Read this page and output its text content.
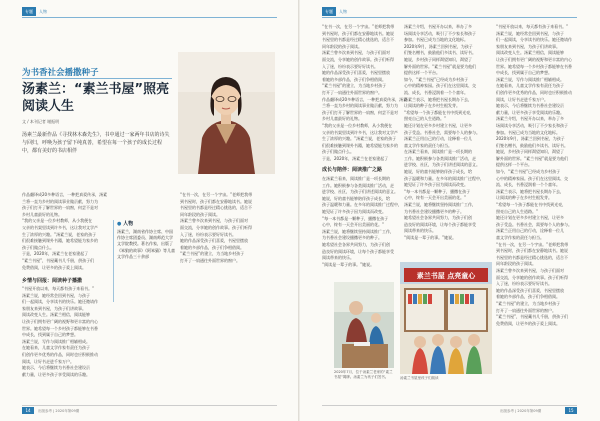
专题	人物
为书香社会播撒种子
汤素兰：“素兰书屋”照亮
阅读人生
文 / 本刊记者 谢振明
汤素兰最新作品《寻找林木森先生》，书中通过一家两年书店的诗失与回归，呼唤为孩子留下纯真善，希望在每一个孩子的成长过程中，都有美好的书店相伴
作品翻译成20多种语言，一种把真爱传承，汤素
兰将一直为乡村的阅读事业做贡献，努力为
孩子们打开了解世界的一扇窗，何尝不是对
乡村儿童最好的礼物。
“我的父亲是一位乡村教师，从小我便在
父亲的书架里读到许多书，这让我对文学产
生了浓厚的兴趣。”汤素兰说，老家的孩子
们很难接触到课外书籍，她希望能为家乡的
孩子们做点什么。
于是，2020年，汤素兰在老家建起了
“素兰书屋”，书屋藏书几千册，供孩子们
免费借阅，让更多的孩子爱上阅读。
乡情与回报：阅读种子播撒
“书屋开放以来，每天都有孩子来看书。”
汤素兰说，她经常会回到书屋，与孩子
们一起阅读，分享读书的快乐。她还邀请作
家朋友来到书屋，为孩子们讲故事。
阅读改变人生。汤素兰相信，阅读能够
让孩子们拥有更广阔的视野和更丰富的内心
世界。她希望每一个乡村孩子都能够在书香
中成长，找到属于自己的梦想。
汤素兰说，写作与阅读推广相辅相成。
在她看来，儿童文学作家有责任为孩子
们创作更多优秀的作品，同时也应积极推动
阅读，让好书走进千家万户。
她表示，今后将继续为书香社会建设贡
献力量，让更多孩子享受阅读的乐趣。
● 人物
汤素兰，湖南省作协主席、中国作协主席团委员、湖南师范大学文学院教授。著名作家，出版了《笨狼的故事》《阿笨猫》等儿童文学作品三十余部
“在书一次，在另一个宇宙。”老师把我带
到书屋时，孩子们都在安静地读书。她说
书屋里的书都是经过精心挑选的，适合不
同年龄段的孩子阅读。
汤素兰曾多次来到书屋，与孩子们面对
面交流，分享她的创作故事。孩子们听得
入了迷，纷纷表示要好好读书。
她的作品深受孩子们喜爱，书屋里摆放
着她的多部作品，孩子们争相借阅。
“素兰书屋”的建立，为当地乡村孩子
打开了一扇通往外面世界的窗户。
14	出版参考 | 2020年第09期
专题	人物
“在书一次，在另一个宇宙。”老师把我带
到书屋时，孩子们都在安静地读书。她说
书屋里的书都是经过精心挑选的，适合不
同年龄段的孩子阅读。
汤素兰曾多次来到书屋，与孩子们面对
面交流，分享她的创作故事。孩子们听得
入了迷，纷纷表示要好好读书。
她的作品深受孩子们喜爱，书屋里摆放
着她的多部作品，孩子们争相借阅。
“素兰书屋”的建立，为当地乡村孩子
打开了一扇通往外面世界的窗户。
作品翻译成20多种语言，一种把真爱传承，汤素
兰将一直为乡村的阅读事业做贡献，努力为
孩子们打开了解世界的一扇窗，何尝不是对
乡村儿童最好的礼物。
“我的父亲是一位乡村教师，从小我便在
父亲的书架里读到许多书，这让我对文学产
生了浓厚的兴趣。”汤素兰说，老家的孩子
们很难接触到课外书籍，她希望能为家乡的
孩子们做点什么。
于是，2020年，汤素兰在老家建起了
成长与陪伴：阅读推广之路
在汤素兰看来，阅读推广是一项长期的
工作。她积极参与各类阅读推广活动，走
进学校、社区，为孩子们讲述阅读的意义。
她说，好的童书能够陪伴孩子成长，给
孩子温暖和力量。在多年的阅读推广过程中，
她见证了许多孩子因为阅读而改变。
“每一本书都是一颗种子，播撒在孩子
心中，终有一天会开出美丽的花。”
汤素兰说，她将继续坚持阅读推广工作，
为书香社会建设播撒更多的种子。
她希望社会各界共同努力，为孩子们创
造良好的阅读环境，让每个孩子都能享受
阅读带来的快乐。
“阅读是一辈子的事。”她说。
2020年7月，位于汤素兰老家的“素兰书屋”揭牌。汤素兰为孩子们签书。
汤素兰介绍，书屋开办以来，举办了多
场阅读分享活动，吸引了不少家长和孩子
参加。书屋已成为当地的文化地标。
2020年9月，汤素兰回到书屋，为孩子
们签名赠书，鼓励他们多读书、读好书。
她说，乡村孩子同样渴望知识，渴望了
解外面的世界。“素兰书屋”就是要为他们
提供这样一个平台。
如今，“素兰书屋”已经成为乡村孩子
心中的精神家园。孩子们在这里阅读、交
流、成长，书香浸润着一个个童年。
汤素兰表示，她将把书屋长期办下去，
让阅读的种子在乡村生根发芽。
“希望每一个孩子都能在书中找到光亮，
照亮自己的人生道路。”
她还计划在更多乡村建立书屋，让更多
孩子受益。书香社会，需要每个人的参与。
汤素兰正用自己的行动，诠释着一位儿
童文学作家的责任与担当。
在汤素兰看来，阅读推广是一项长期的
工作。她积极参与各类阅读推广活动，走
进学校、社区，为孩子们讲述阅读的意义。
她说，好的童书能够陪伴孩子成长，给
孩子温暖和力量。在多年的阅读推广过程中，
她见证了许多孩子因为阅读而改变。
“每一本书都是一颗种子，播撒在孩子
心中，终有一天会开出美丽的花。”
汤素兰说，她将继续坚持阅读推广工作，
为书香社会建设播撒更多的种子。
她希望社会各界共同努力，为孩子们创
造良好的阅读环境，让每个孩子都能享受
阅读带来的快乐。
“阅读是一辈子的事。”她说。
素兰书屋 点亮童心
汤素兰书屋里孩子们阅读
“书屋开放以来，每天都有孩子来看书。”
汤素兰说，她经常会回到书屋，与孩子
们一起阅读，分享读书的快乐。她还邀请作
家朋友来到书屋，为孩子们讲故事。
阅读改变人生。汤素兰相信，阅读能够
让孩子们拥有更广阔的视野和更丰富的内心
世界。她希望每一个乡村孩子都能够在书香
中成长，找到属于自己的梦想。
汤素兰说，写作与阅读推广相辅相成。
在她看来，儿童文学作家有责任为孩子
们创作更多优秀的作品，同时也应积极推动
阅读，让好书走进千家万户。
她表示，今后将继续为书香社会建设贡
献力量，让更多孩子享受阅读的乐趣。
汤素兰介绍，书屋开办以来，举办了多
场阅读分享活动，吸引了不少家长和孩子
参加。书屋已成为当地的文化地标。
2020年9月，汤素兰回到书屋，为孩子
们签名赠书，鼓励他们多读书、读好书。
她说，乡村孩子同样渴望知识，渴望了
解外面的世界。“素兰书屋”就是要为他们
提供这样一个平台。
如今，“素兰书屋”已经成为乡村孩子
心中的精神家园。孩子们在这里阅读、交
流、成长，书香浸润着一个个童年。
汤素兰表示，她将把书屋长期办下去，
让阅读的种子在乡村生根发芽。
“希望每一个孩子都能在书中找到光亮，
照亮自己的人生道路。”
她还计划在更多乡村建立书屋，让更多
孩子受益。书香社会，需要每个人的参与。
汤素兰正用自己的行动，诠释着一位儿
童文学作家的责任与担当。
“在书一次，在另一个宇宙。”老师把我带
到书屋时，孩子们都在安静地读书。她说
书屋里的书都是经过精心挑选的，适合不
同年龄段的孩子阅读。
汤素兰曾多次来到书屋，与孩子们面对
面交流，分享她的创作故事。孩子们听得
入了迷，纷纷表示要好好读书。
她的作品深受孩子们喜爱，书屋里摆放
着她的多部作品，孩子们争相借阅。
“素兰书屋”的建立，为当地乡村孩子
打开了一扇通往外面世界的窗户。
“素兰书屋”，书屋藏书几千册，供孩子们
免费借阅，让更多的孩子爱上阅读。
出版参考 | 2020年第09期	15
